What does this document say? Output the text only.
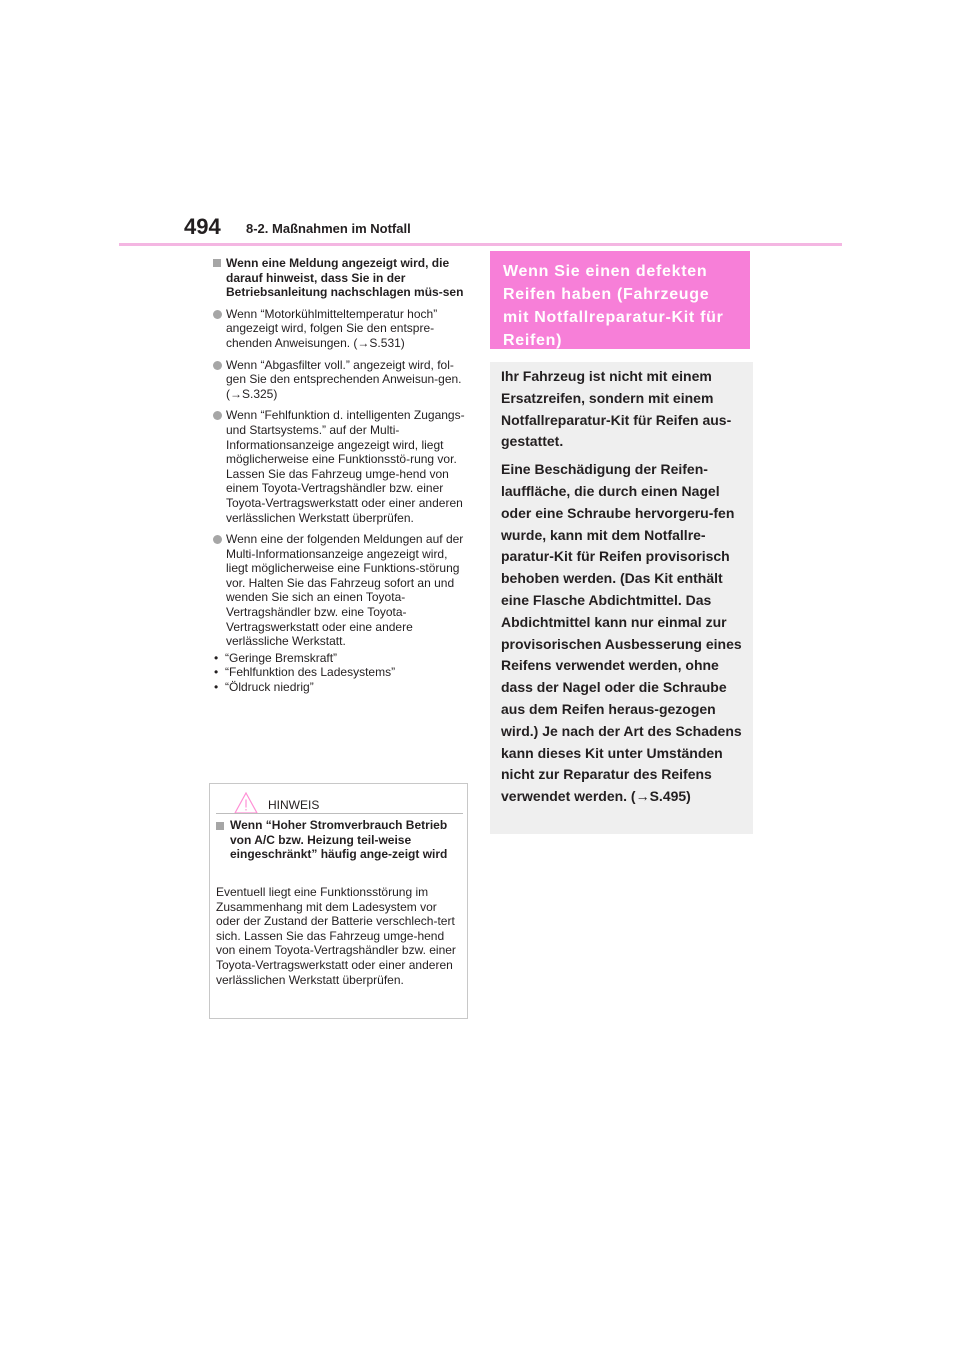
494 8-2. Maßnahmen im Notfall
Wenn eine Meldung angezeigt wird, die darauf hinweist, dass Sie in der Betriebsanleitung nachschlagen müs-sen
Wenn “Motorkühlmitteltemperatur hoch” angezeigt wird, folgen Sie den entspre-chenden Anweisungen. (→S.531)
Wenn “Abgasfilter voll.” angezeigt wird, fol-gen Sie den entsprechenden Anweisun-gen. (→S.325)
Wenn “Fehlfunktion d. intelligenten Zugangs- und Startsystems.” auf der Multi-Informationsanzeige angezeigt wird, liegt möglicherweise eine Funktionsstö-rung vor. Lassen Sie das Fahrzeug umge-hend von einem Toyota-Vertragshändler bzw. einer Toyota-Vertragswerkstatt oder einer anderen verlässlichen Werkstatt überprüfen.
Wenn eine der folgenden Meldungen auf der Multi-Informationsanzeige angezeigt wird, liegt möglicherweise eine Funktions-störung vor. Halten Sie das Fahrzeug sofort an und wenden Sie sich an einen Toyota-Vertragshändler bzw. eine Toyota-Vertragswerkstatt oder eine andere verlässliche Werkstatt.
• “Geringe Bremskraft”
• “Fehlfunktion des Ladesystems”
• “Öldruck niedrig”
HINWEIS
Wenn “Hoher Stromverbrauch Betrieb von A/C bzw. Heizung teil-weise eingeschränkt” häufig ange-zeigt wird
Eventuell liegt eine Funktionsstörung im Zusammenhang mit dem Ladesystem vor oder der Zustand der Batterie verschlech-tert sich. Lassen Sie das Fahrzeug umge-hend von einem Toyota-Vertragshändler bzw. einer Toyota-Vertragswerkstatt oder einer anderen verlässlichen Werkstatt überprüfen.
Wenn Sie einen defekten Reifen haben (Fahrzeuge mit Notfallreparatur-Kit für Reifen)

Ihr Fahrzeug ist nicht mit einem Ersatzreifen, sondern mit einem Notfallreparatur-Kit für Reifen aus-gestattet.

Eine Beschädigung der Reifen-lauffläche, die durch einen Nagel oder eine Schraube hervorgeru-fen wurde, kann mit dem Notfallre-paratur-Kit für Reifen provisorisch behoben werden. (Das Kit enthält eine Flasche Abdichtmittel. Das Abdichtmittel kann nur einmal zur provisorischen Ausbesserung eines Reifens verwendet werden, ohne dass der Nagel oder die Schraube aus dem Reifen heraus-gezogen wird.) Je nach der Art des Schadens kann dieses Kit unter Umständen nicht zur Reparatur des Reifens verwendet werden. (→S.495)
